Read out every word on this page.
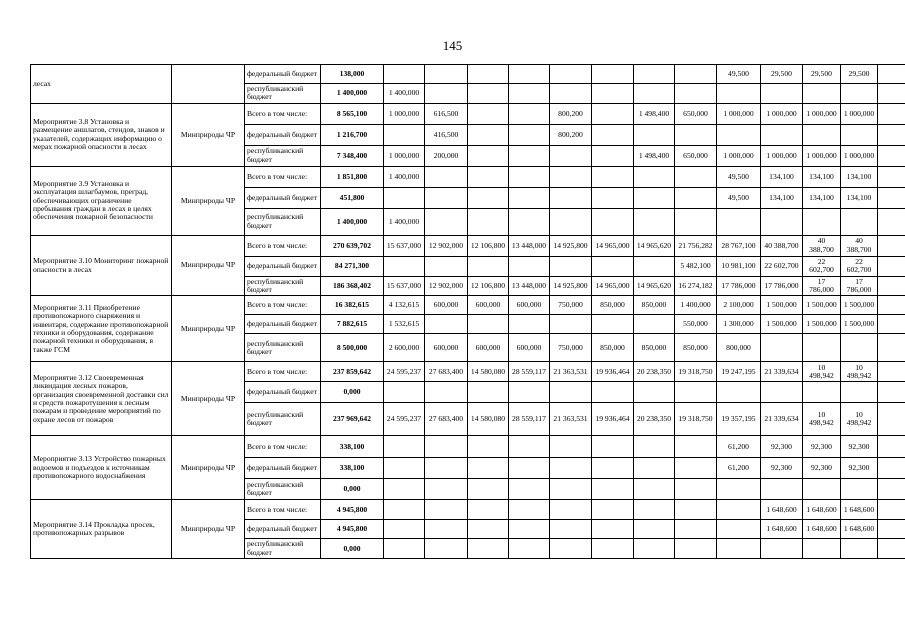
145
лесах		федеральный бюджет	138,000									49,500	29,500	29,500	29,500	
		республиканский бюджет	1 400,000	1 400,000												
Мероприятие 3.8 Установка и размещение аншлагов, стендов, знаков и указателей, содержащих информацию о мерах пожарной опасности в лесах	Минприроды ЧР	Всего в том числе:	8 565,100	1 000,000	616,500			800,200		1 498,400	650,000	1 000,000	1 000,000	1 000,000	1 000,000	
		федеральный бюджет	1 216,700		416,500			800,200								
		республиканский бюджет	7 348,400	1 000,000	200,000					1 498,400	650,000	1 000,000	1 000,000	1 000,000	1 000,000	
Мероприятие 3.9 Установка и эксплуатация шлагбаумов, преград, обеспечивающих ограничение пребывания граждан в лесах в целях обеспечения пожарной безопасности	Минприроды ЧР	Всего в том числе:	1 851,800	1 400,000								49,500	134,100	134,100	134,100	
		федеральный бюджет	451,800									49,500	134,100	134,100	134,100	
		республиканский бюджет	1 400,000	1 400,000												
Мероприятие 3.10 Мониторинг пожарной опасности в лесах	Минприроды ЧР	Всего в том числе:	270 639,702	15 637,000	12 902,000	12 106,800	13 448,000	14 925,800	14 965,000	14 965,620	21 756,282	28 767,100	40 388,700	40 388,700	40 388,700	
		федеральный бюджет	84 271,300								5 482,100	10 981,100	22 602,700	22 602,700	22 602,700	
		республиканский бюджет	186 368,402	15 637,000	12 902,000	12 106,800	13 448,000	14 925,800	14 965,000	14 965,620	16 274,182	17 786,000	17 786,000	17 786,000	17 786,000	
Мероприятие 3.11 Приобретение противопожарного снаряжения и инвентаря, содержание противопожарной техники и оборудования, содержание пожарной техники и оборудования, в также ГСМ	Минприроды ЧР	Всего в том числе:	16 382,615	4 132,615	600,000	600,000	600,000	750,000	850,000	850,000	1 400,000	2 100,000	1 500,000	1 500,000	1 500,000	
		федеральный бюджет	7 882,615	1 532,615							550,000	1 300,000	1 500,000	1 500,000	1 500,000	
		республиканский бюджет	8 500,000	2 600,000	600,000	600,000	600,000	750,000	850,000	850,000	850,000	800,000				
Мероприятие 3.12 Своевременная ликвидация лесных пожаров, организация своевременной доставки сил и средств пожаротушения к лесным пожарам и проведение мероприятий по охране лесов от пожаров	Минприроды ЧР	Всего в том числе:	237 859,642	24 595,237	27 683,400	14 580,080	28 559,117	21 363,531	19 936,464	20 238,350	19 318,750	19 247,195	21 339,634	10 498,942	10 498,942	
		федеральный бюджет	0,000													
		республиканский бюджет	237 969,642	24 595,237	27 683,400	14 580,080	28 559,117	21 363,531	19 936,464	20 238,350	19 318,750	19 357,195	21 339,634	10 498,942	10 498,942	
Мероприятие 3.13 Устройство пожарных водоемов и подъездов к источникам противопожарного водоснабжения	Минприроды ЧР	Всего в том числе:	338,100									61,200	92,300	92,300	92,300	
		федеральный бюджет	338,100									61,200	92,300	92,300	92,300	
		республиканский бюджет	0,000													
Мероприятие 3.14 Прокладка просек, противопожарных разрывов	Минприроды ЧР	Всего в том числе:	4 945,800										1 648,600	1 648,600	1 648,600	
		федеральный бюджет	4 945,800										1 648,600	1 648,600	1 648,600	
		республиканский бюджет	0,000													
